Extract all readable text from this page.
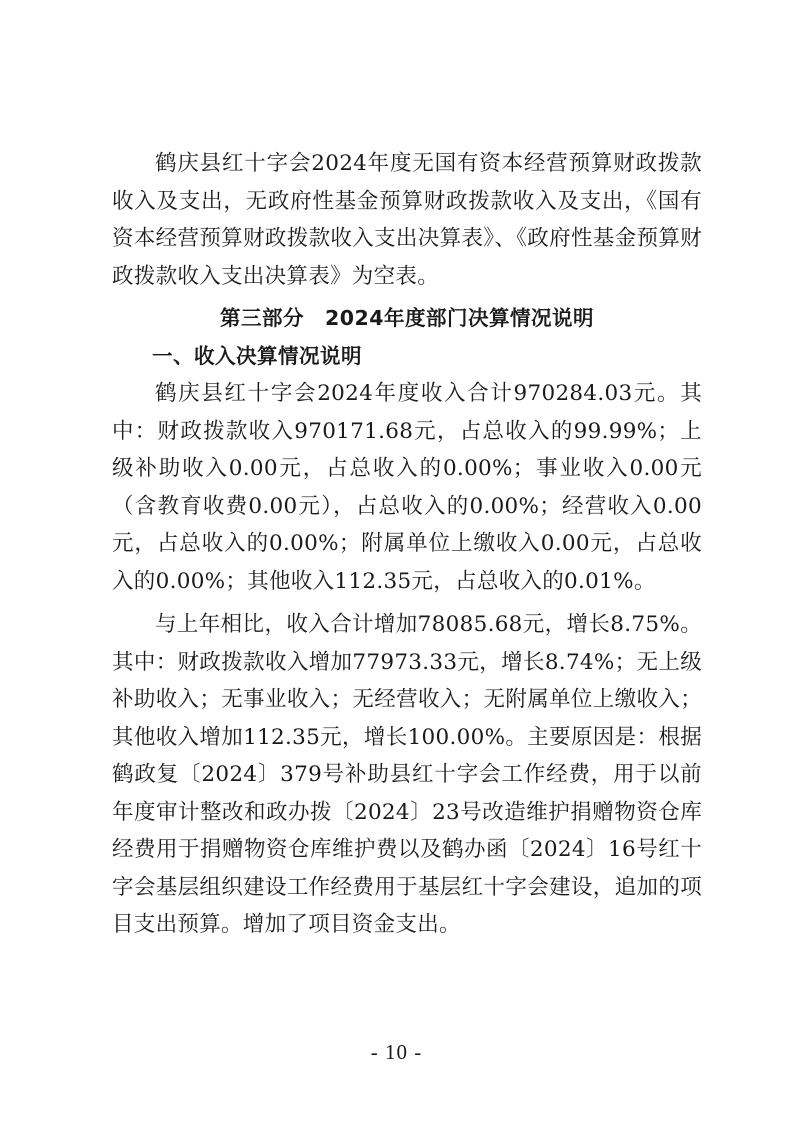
鹤庆县红十字会2024年度无国有资本经营预算财政拨款收入及支出，无政府性基金预算财政拨款收入及支出，《国有资本经营预算财政拨款收入支出决算表》、《政府性基金预算财政拨款收入支出决算表》为空表。

第三部分　2024年度部门决算情况说明
一、收入决算情况说明

鹤庆县红十字会2024年度收入合计970284.03元。其中：财政拨款收入970171.68元，占总收入的99.99%；上级补助收入0.00元，占总收入的0.00%；事业收入0.00元（含教育收费0.00元），占总收入的0.00%；经营收入0.00元，占总收入的0.00%；附属单位上缴收入0.00元，占总收入的0.00%；其他收入112.35元，占总收入的0.01%。

与上年相比，收入合计增加78085.68元，增长8.75%。其中：财政拨款收入增加77973.33元，增长8.74%；无上级补助收入；无事业收入；无经营收入；无附属单位上缴收入；其他收入增加112.35元，增长100.00%。主要原因是：根据鹤政复〔2024〕379号补助县红十字会工作经费，用于以前年度审计整改和政办拨〔2024〕23号改造维护捐赠物资仓库经费用于捐赠物资仓库维护费以及鹤办函〔2024〕16号红十字会基层组织建设工作经费用于基层红十字会建设，追加的项目支出预算。增加了项目资金支出。

- 10 -
